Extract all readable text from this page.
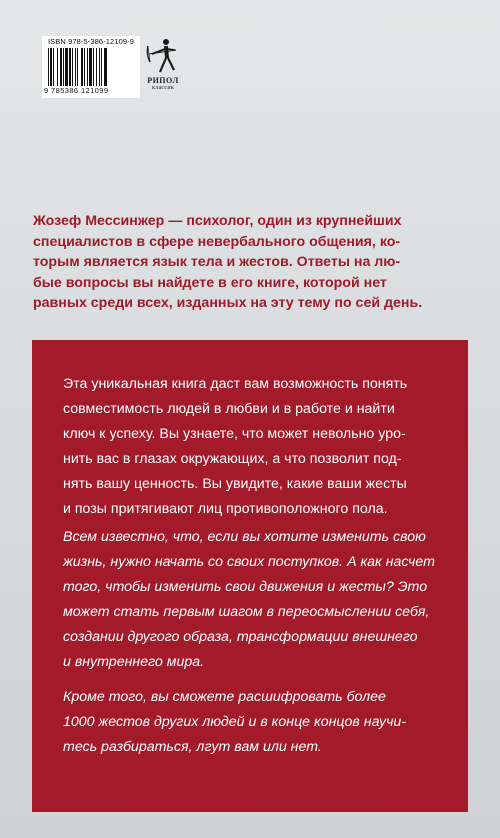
ISBN 978-5-386-12109-9
9 785386 121099
РИПОЛ
классик

Жозеф Мессинжер — психолог, один из крупнейших

специалистов в сфере невербального общения, ко-

торым является язык тела и жестов. Ответы на лю-

бые вопросы вы найдете в его книге, которой нет

равных среди всех, изданных на эту тему по сей день.

Эта уникальная книга даст вам возможность понять

совместимость людей в любви и в работе и найти

ключ к успеху. Вы узнаете, что может невольно уро-

нить вас в глазах окружающих, а что позволит под-

нять вашу ценность. Вы увидите, какие ваши жесты

и позы притягивают лиц противоположного пола.

Всем известно, что, если вы хотите изменить свою

жизнь, нужно начать со своих поступков. А как насчет

того, чтобы изменить свои движения и жесты? Это

может стать первым шагом в переосмыслении себя,

создании другого образа, трансформации внешнего

и внутреннего мира.

Кроме того, вы сможете расшифровать более

1000 жестов других людей и в конце концов научи-

тесь разбираться, лгут вам или нет.
